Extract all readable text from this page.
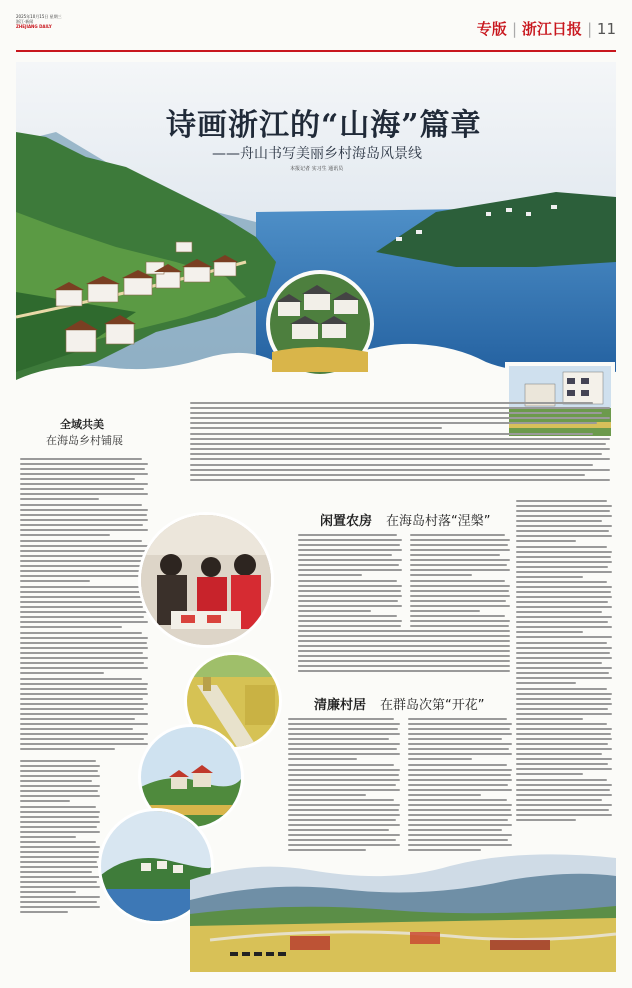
2025年10月15日 星期三
浙江·新闻
ZHEJIANG DAILY	专版 | 浙江日报 | 11
诗画浙江的“山海”篇章
——舟山书写美丽乡村海岛风景线
本报记者 实习生 通讯员
全域共美
在海岛乡村铺展
闲置农房 在海岛村落“涅槃”
清廉村居 在群岛次第“开花”
